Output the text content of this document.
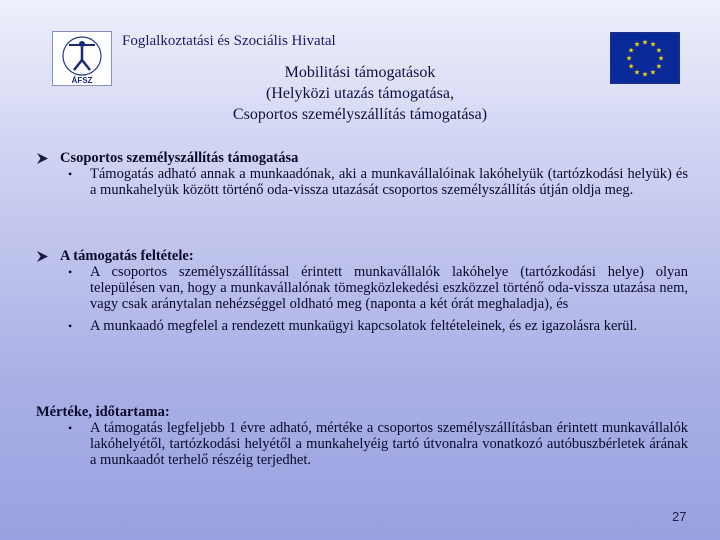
ÁFSZ
Foglalkoztatási és Szociális Hivatal	★ ★
★
★
★
★
★
★
★
★
★
★
Mobilitási támogatások
(Helyközi utazás támogatása,
Csoportos személyszállítás támogatása)
Csoportos személyszállítás támogatása
•	Támogatás adható annak a munkaadónak, aki a munkavállalóinak lakóhelyük (tartózkodási helyük) és a munkahelyük között történő oda-vissza utazását csoportos személyszállítás útján oldja meg.
A támogatás feltétele:
•	A csoportos személyszállítással érintett munkavállalók lakóhelye (tartózkodási helye) olyan településen van, hogy a munkavállalónak tömegközlekedési eszközzel történő oda-vissza utazása nem, vagy csak aránytalan nehézséggel oldható meg (naponta a két órát meghaladja), és
•	A munkaadó megfelel a rendezett munkaügyi kapcsolatok feltételeinek, és ez igazolásra kerül.
Mértéke, időtartama:
•	A támogatás legfeljebb 1 évre adható, mértéke a csoportos személyszállításban érintett munkavállalók lakóhelyétől, tartózkodási helyétől a munkahelyéig tartó útvonalra vonatkozó autóbuszbérletek árának a munkaadót terhelő részéig terjedhet.
27
